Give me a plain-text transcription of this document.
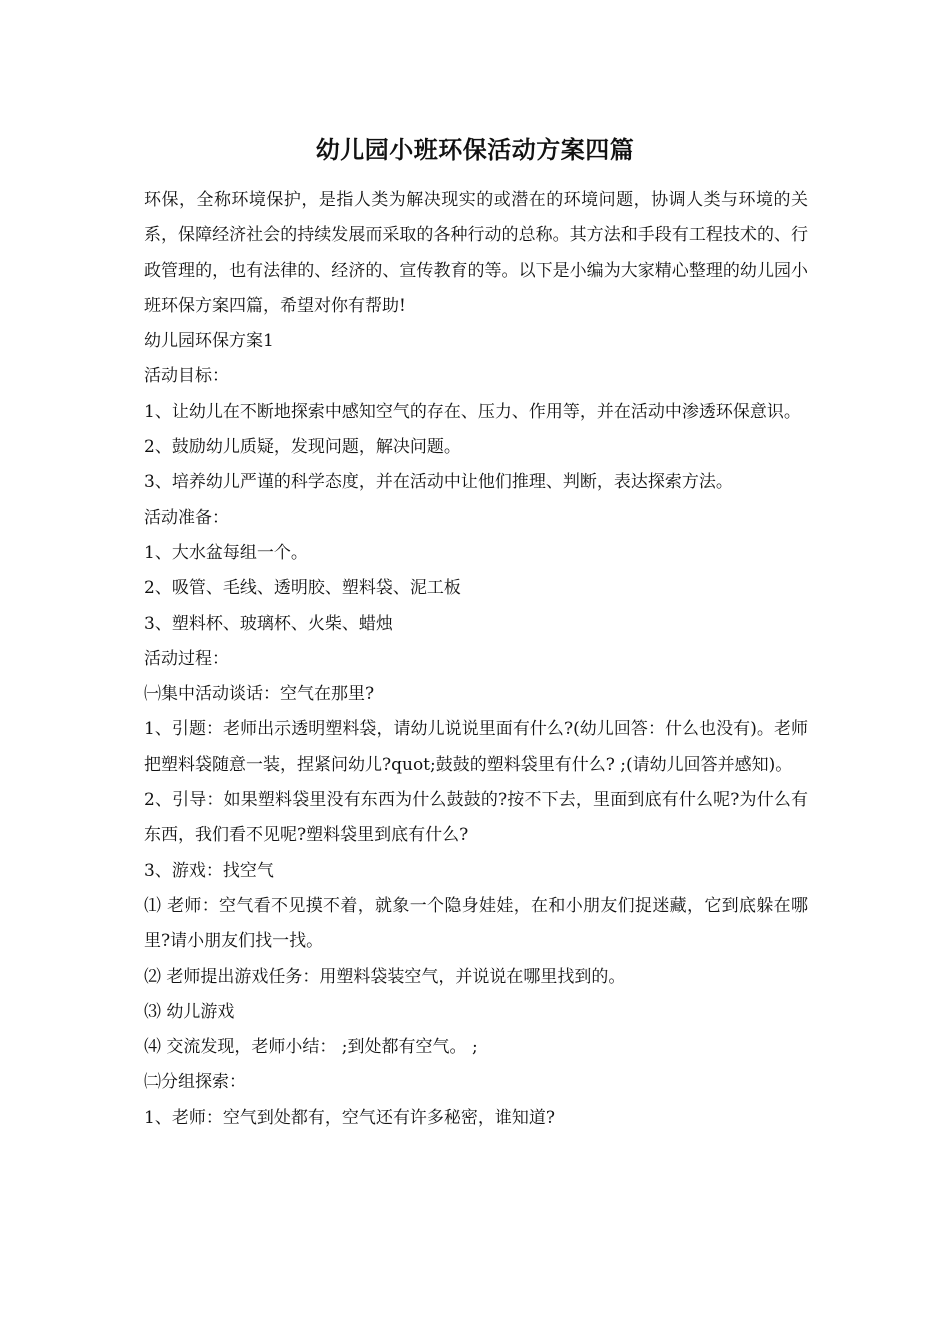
幼儿园小班环保活动方案四篇

环保，全称环境保护，是指人类为解决现实的或潜在的环境问题，协调人类与环境的关系，保障经济社会的持续发展而采取的各种行动的总称。其方法和手段有工程技术的、行政管理的，也有法律的、经济的、宣传教育的等。以下是小编为大家精心整理的幼儿园小班环保方案四篇，希望对你有帮助!

幼儿园环保方案1

活动目标：

1、让幼儿在不断地探索中感知空气的存在、压力、作用等，并在活动中渗透环保意识。

2、鼓励幼儿质疑，发现问题，解决问题。

3、培养幼儿严谨的科学态度，并在活动中让他们推理、判断，表达探索方法。

活动准备：

1、大水盆每组一个。

2、吸管、毛线、透明胶、塑料袋、泥工板

3、塑料杯、玻璃杯、火柴、蜡烛

活动过程：

㈠集中活动谈话：空气在那里?

1、引题：老师出示透明塑料袋，请幼儿说说里面有什么?(幼儿回答：什么也没有)。老师把塑料袋随意一装，捏紧问幼儿?quot;鼓鼓的塑料袋里有什么? ;(请幼儿回答并感知)。

2、引导：如果塑料袋里没有东西为什么鼓鼓的?按不下去，里面到底有什么呢?为什么有东西，我们看不见呢?塑料袋里到底有什么?

3、游戏：找空气

⑴ 老师：空气看不见摸不着，就象一个隐身娃娃，在和小朋友们捉迷藏，它到底躲在哪里?请小朋友们找一找。

⑵ 老师提出游戏任务：用塑料袋装空气，并说说在哪里找到的。

⑶ 幼儿游戏

⑷ 交流发现，老师小结： ;到处都有空气。 ;

㈡分组探索：

1、老师：空气到处都有，空气还有许多秘密，谁知道?
